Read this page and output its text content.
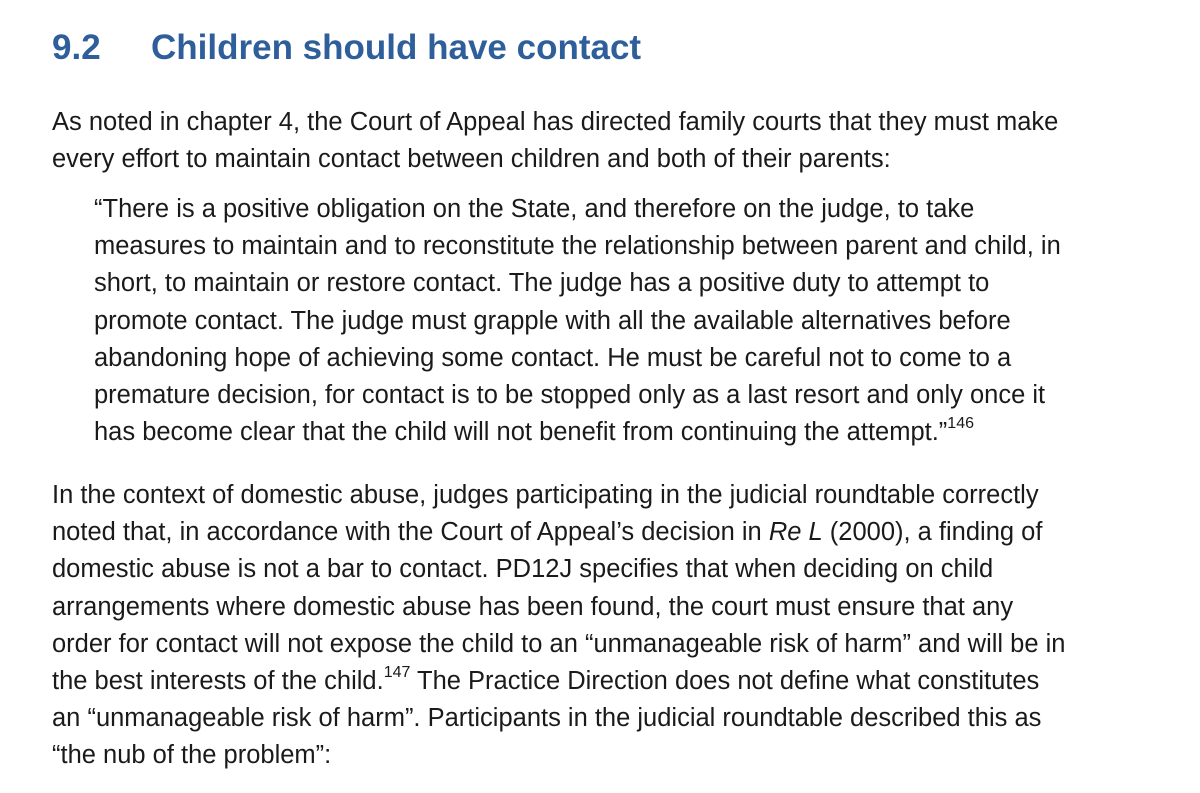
9.2 Children should have contact

As noted in chapter 4, the Court of Appeal has directed family courts that they must make
every effort to maintain contact between children and both of their parents:

“There is a positive obligation on the State, and therefore on the judge, to take
measures to maintain and to reconstitute the relationship between parent and child, in
short, to maintain or restore contact. The judge has a positive duty to attempt to
promote contact. The judge must grapple with all the available alternatives before
abandoning hope of achieving some contact. He must be careful not to come to a
premature decision, for contact is to be stopped only as a last resort and only once it
has become clear that the child will not benefit from continuing the attempt.”$^{146}$

In the context of domestic abuse, judges participating in the judicial roundtable correctly
noted that, in accordance with the Court of Appeal’s decision in Re L (2000), a finding of
domestic abuse is not a bar to contact. PD12J specifies that when deciding on child
arrangements where domestic abuse has been found, the court must ensure that any
order for contact will not expose the child to an “unmanageable risk of harm” and will be in
the best interests of the child.$^{147}$ The Practice Direction does not define what constitutes
an “unmanageable risk of harm”. Participants in the judicial roundtable described this as
“the nub of the problem”:
